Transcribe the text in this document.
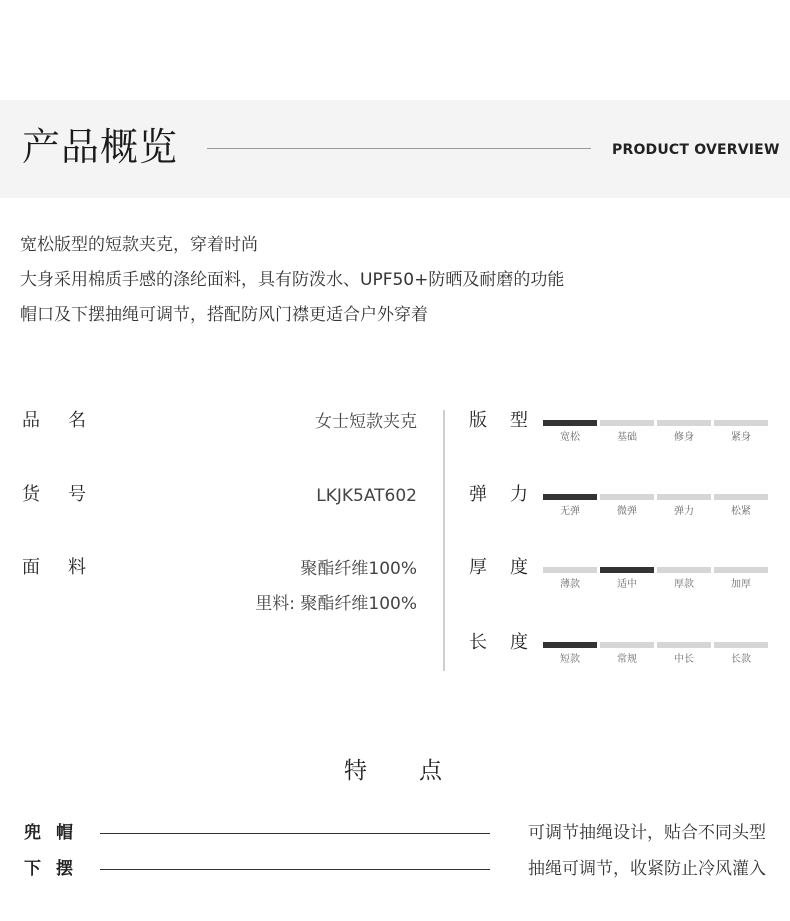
产品概览	PRODUCT OVERVIEW
宽松版型的短款夹克，穿着时尚
大身采用棉质手感的涤纶面料，具有防泼水、UPF50+防晒及耐磨的功能
帽口及下摆抽绳可调节，搭配防风门襟更适合户外穿着
品 名	女士短款夹克
货 号	LKJK5AT602
面 料	聚酯纤维100%
里料: 聚酯纤维100%
版 型
宽松	基础	修身	紧身
弹 力
无弹	微弹	弹力	松紧
厚 度
薄款	适中	厚款	加厚
长 度
短款	常规	中长	长款
特 点
兜 帽	可调节抽绳设计，贴合不同头型
下 摆	抽绳可调节，收紧防止冷风灌入
